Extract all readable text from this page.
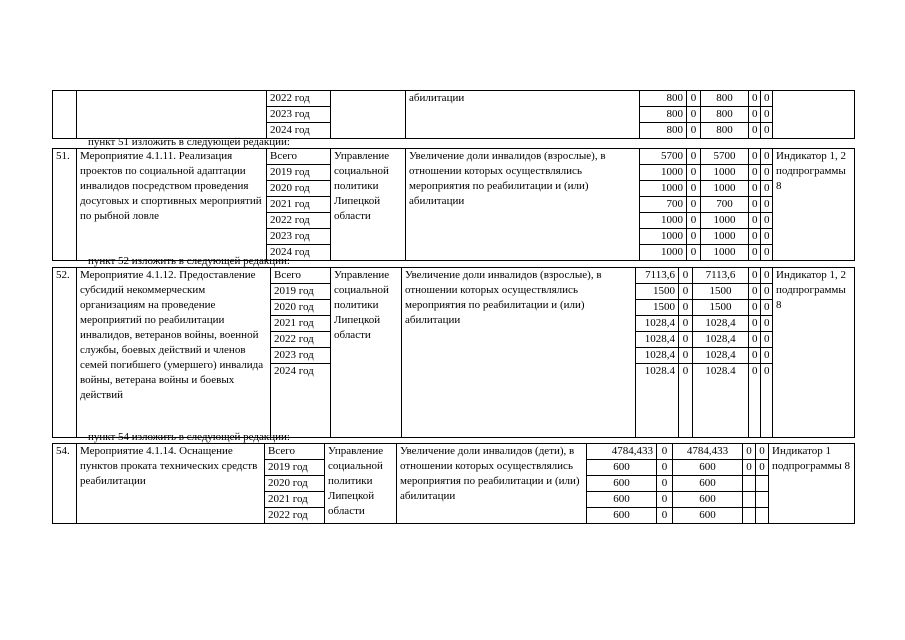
		2022 год		абилитации	800	0	800	0	0	
		2023 год			800	0	800	0	0	
		2024 год			800	0	800	0	0	
пункт 51 изложить в следующей редакции:
51.	Мероприятие 4.1.11. Реализация проектов по социальной адаптации инвалидов посредством проведения досуговых и спортивных мероприятий по рыбной ловле	Всего	Управление социальной политики Липецкой области	Увеличение доли инвалидов (взрослые), в отношении которых осуществлялись мероприятия по реабилитации и (или) абилитации	5700	0	5700	0	0	Индикатор 1, 2 подпрограммы 8
		2019 год			1000	0	1000	0	0	
		2020 год			1000	0	1000	0	0	
		2021 год			700	0	700	0	0	
		2022 год			1000	0	1000	0	0	
		2023 год			1000	0	1000	0	0	
		2024 год			1000	0	1000	0	0	
пункт 52 изложить в следующей редакции:
52.	Мероприятие 4.1.12. Предоставление субсидий некоммерческим организациям на проведение мероприятий по реабилитации инвалидов, ветеранов войны, военной службы, боевых действий и членов семей погибшего (умершего) инвалида войны, ветерана войны и боевых действий	Всего	Управление социальной политики Липецкой области	Увеличение доли инвалидов (взрослые), в отношении которых осуществлялись мероприятия по реабилитации и (или) абилитации	7113,6	0	7113,6	0	0	Индикатор 1, 2 подпрограммы 8
		2019 год			1500	0	1500	0	0	
		2020 год			1500	0	1500	0	0	
		2021 год			1028,4	0	1028,4	0	0	
		2022 год			1028,4	0	1028,4	0	0	
		2023 год			1028,4	0	1028,4	0	0	
		2024 год			1028.4	0	1028.4	0	0	
пункт 54 изложить в следующей редакции:
54.	Мероприятие 4.1.14. Оснащение пунктов проката технических средств реабилитации	Всего	Управление социальной политики Липецкой области	Увеличение доли инвалидов (дети), в отношении которых осуществлялись мероприятия по реабилитации и (или) абилитации	4784,433	0	4784,433	0	0	Индикатор 1 подпрограммы 8
		2019 год			600	0	600	0	0	
		2020 год			600	0	600			
		2021 год			600	0	600			
		2022 год			600	0	600			
